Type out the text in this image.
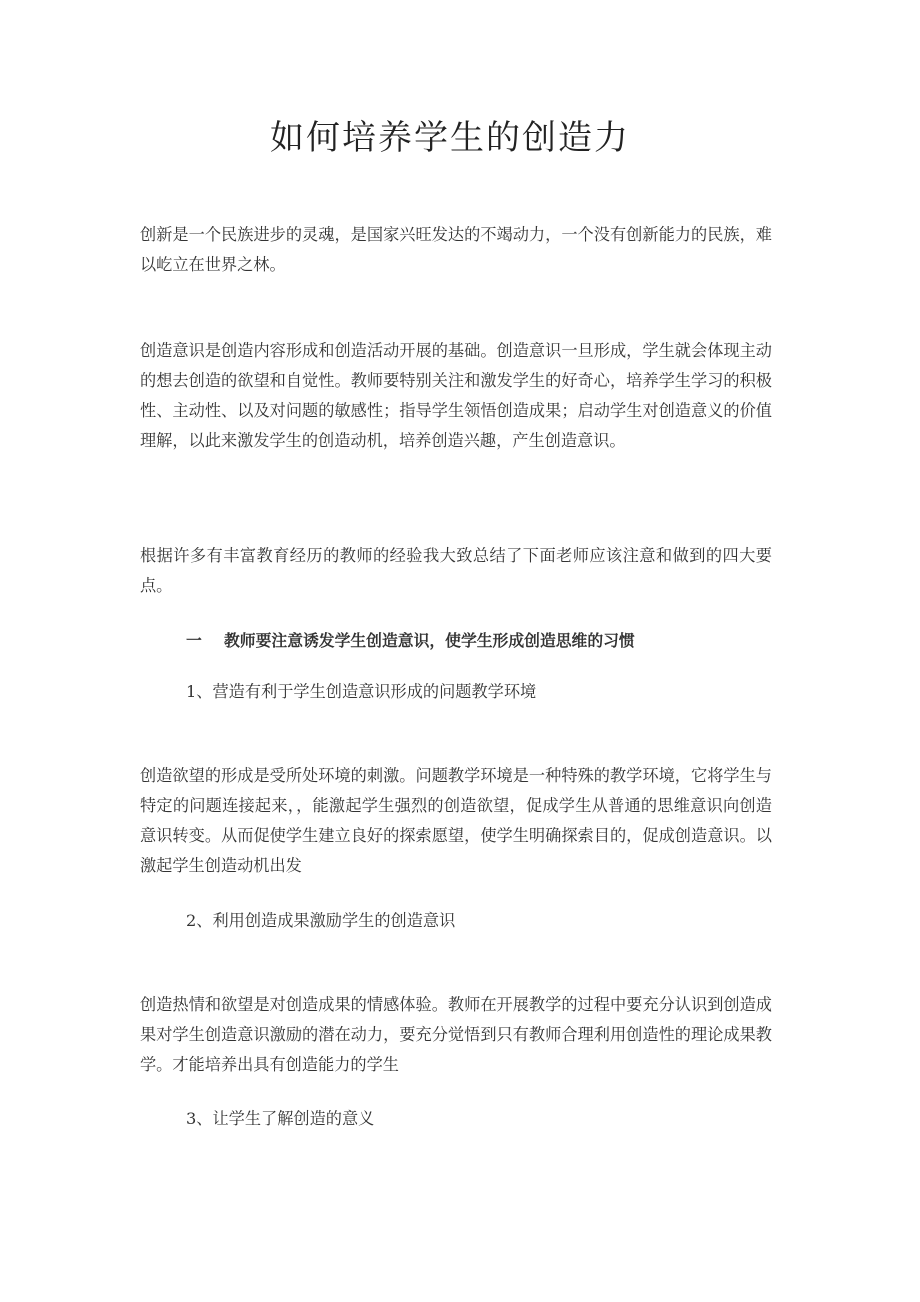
如何培养学生的创造力

创新是一个民族进步的灵魂，是国家兴旺发达的不竭动力，一个没有创新能力的民族，难以屹立在世界之林。

创造意识是创造内容形成和创造活动开展的基础。创造意识一旦形成，学生就会体现主动的想去创造的欲望和自觉性。教师要特别关注和激发学生的好奇心，培养学生学习的积极性、主动性、以及对问题的敏感性；指导学生领悟创造成果；启动学生对创造意义的价值理解，以此来激发学生的创造动机，培养创造兴趣，产生创造意识。

根据许多有丰富教育经历的教师的经验我大致总结了下面老师应该注意和做到的四大要点。

一 教师要注意诱发学生创造意识，使学生形成创造思维的习惯

1、营造有利于学生创造意识形成的问题教学环境

创造欲望的形成是受所处环境的刺激。问题教学环境是一种特殊的教学环境，它将学生与特定的问题连接起来，，能激起学生强烈的创造欲望，促成学生从普通的思维意识向创造意识转变。从而促使学生建立良好的探索愿望，使学生明确探索目的，促成创造意识。以激起学生创造动机出发

2、利用创造成果激励学生的创造意识

创造热情和欲望是对创造成果的情感体验。教师在开展教学的过程中要充分认识到创造成果对学生创造意识激励的潜在动力，要充分觉悟到只有教师合理利用创造性的理论成果教学。才能培养出具有创造能力的学生

3、让学生了解创造的意义
